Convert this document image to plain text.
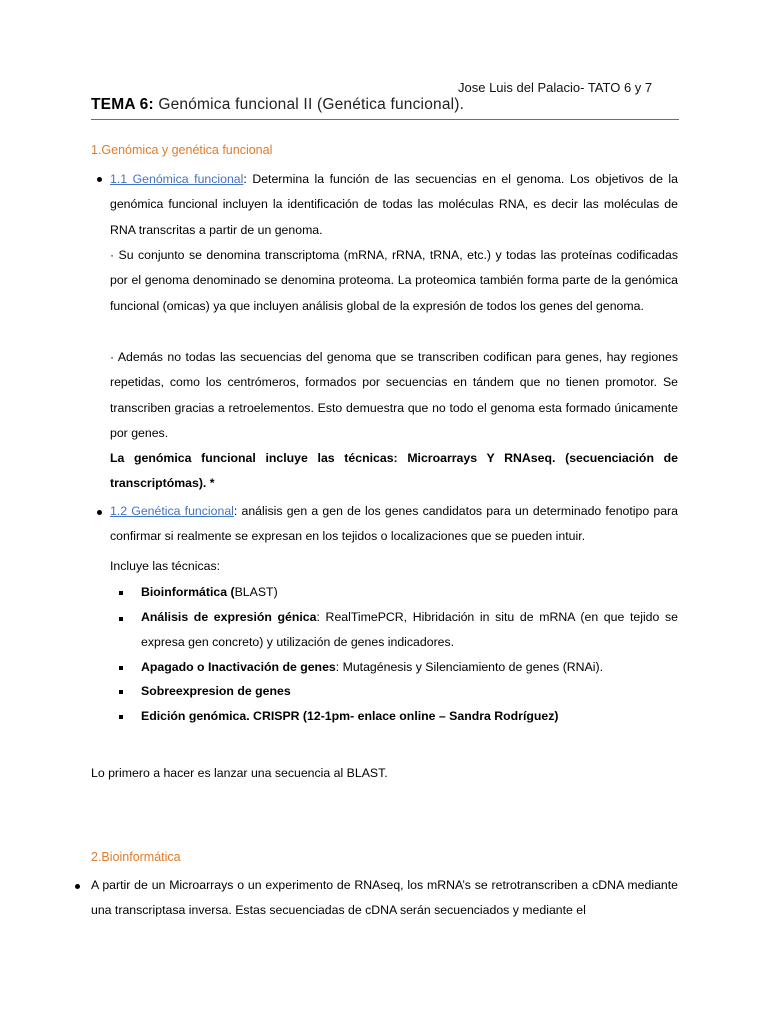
Jose Luis del Palacio- TATO 6 y 7
TEMA 6: Genómica funcional II (Genética funcional).
1.Genómica y genética funcional
1.1 Genómica funcional: Determina la función de las secuencias en el genoma. Los objetivos de la genómica funcional incluyen la identificación de todas las moléculas RNA, es decir las moléculas de RNA transcritas a partir de un genoma.
· Su conjunto se denomina transcriptoma (mRNA, rRNA, tRNA, etc.) y todas las proteínas codificadas por el genoma denominado se denomina proteoma. La proteomica también forma parte de la genómica funcional (omicas) ya que incluyen análisis global de la expresión de todos los genes del genoma.
· Además no todas las secuencias del genoma que se transcriben codifican para genes, hay regiones repetidas, como los centrómeros, formados por secuencias en tándem que no tienen promotor. Se transcriben gracias a retroelementos. Esto demuestra que no todo el genoma esta formado únicamente por genes.
La genómica funcional incluye las técnicas: Microarrays Y RNAseq. (secuenciación de transcriptómas). *
1.2 Genética funcional: análisis gen a gen de los genes candidatos para un determinado fenotipo para confirmar si realmente se expresan en los tejidos o localizaciones que se pueden intuir.
Incluye las técnicas:
Bioinformática (BLAST)
Análisis de expresión génica: RealTimePCR, Hibridación in situ de mRNA (en que tejido se expresa gen concreto) y utilización de genes indicadores.
Apagado o Inactivación de genes: Mutagénesis y Silenciamiento de genes (RNAi).
Sobreexpresion de genes
Edición genómica. CRISPR (12-1pm- enlace online – Sandra Rodríguez)
Lo primero a hacer es lanzar una secuencia al BLAST.
2.Bioinformática
A partir de un Microarrays o un experimento de RNAseq, los mRNA’s se retrotranscriben a cDNA mediante una transcriptasa inversa. Estas secuenciadas de cDNA serán secuenciados y mediante el
